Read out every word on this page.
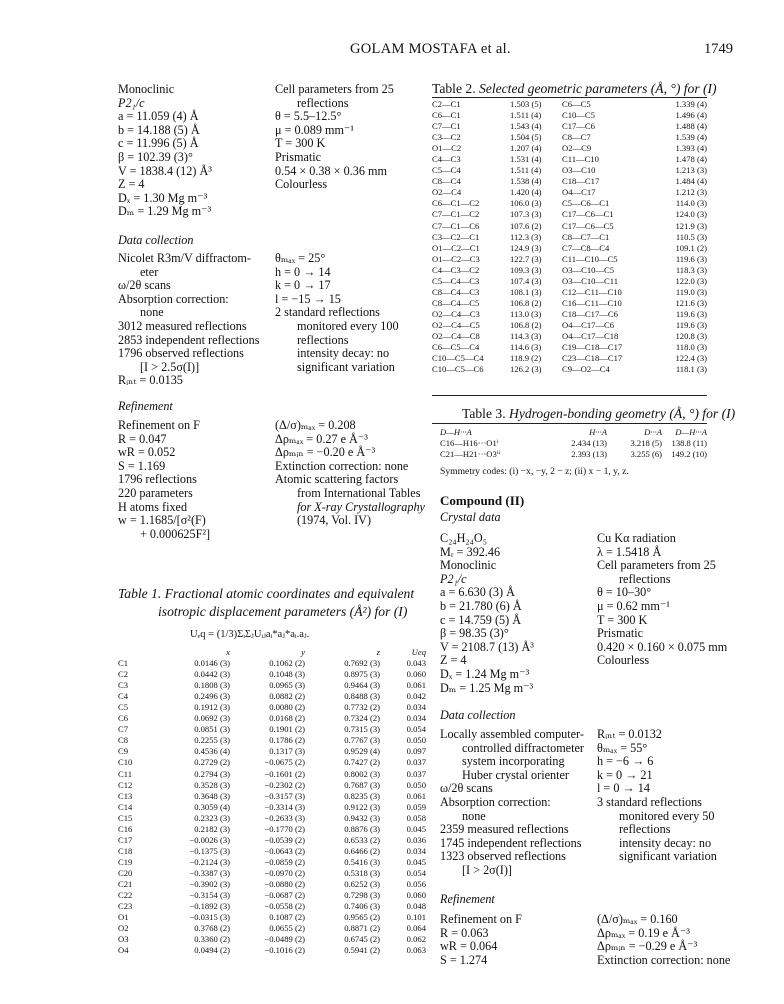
GOLAM MOSTAFA et al.	1749
Monoclinic
P2₁/c
a = 11.059 (4) Å
b = 14.188 (5) Å
c = 11.996 (5) Å
β = 102.39 (3)°
V = 1838.4 (12) Å³
Z = 4
Dₓ = 1.30 Mg m⁻³
Dₘ = 1.29 Mg m⁻³
Cell parameters from 25
reflections
θ = 5.5–12.5°
μ = 0.089 mm⁻¹
T = 300 K
Prismatic
0.54 × 0.38 × 0.36 mm
Colourless
Data collection
Nicolet R3m/V diffractom-
eter
ω/2θ scans
Absorption correction:
none
3012 measured reflections
2853 independent reflections
1796 observed reflections
[I > 2.5σ(I)]
Rᵢₙₜ = 0.0135
θₘₐₓ = 25°
h = 0 → 14
k = 0 → 17
l = −15 → 15
2 standard reflections
monitored every 100
reflections
intensity decay: no
significant variation
Refinement
Refinement on F
R = 0.047
wR = 0.052
S = 1.169
1796 reflections
220 parameters
H atoms fixed
w = 1.1685/[σ²(F)
+ 0.000625F²]
(Δ/σ)ₘₐₓ = 0.208
Δρₘₐₓ = 0.27 e Å⁻³
Δρₘᵢₙ = −0.20 e Å⁻³
Extinction correction: none
Atomic scattering factors
from International Tables
for X-ray Crystallography
(1974, Vol. IV)
Table 1. Fractional atomic coordinates and equivalent
isotropic displacement parameters (Å²) for (I)
Uₑq = (1/3)ΣᵢΣⱼUᵢⱼaᵢ*aⱼ*aᵢ.aⱼ.
x	y	z	Ueq
C1	0.0146 (3)	0.1062 (2)	0.7692 (3)	0.043
C2	0.0442 (3)	0.1048 (3)	0.8975 (3)	0.060
C3	0.1808 (3)	0.0965 (3)	0.9464 (3)	0.061
C4	0.2496 (3)	0.0882 (2)	0.8488 (3)	0.042
C5	0.1912 (3)	0.0080 (2)	0.7732 (2)	0.034
C6	0.0692 (3)	0.0168 (2)	0.7324 (2)	0.034
C7	0.0851 (3)	0.1901 (2)	0.7315 (3)	0.054
C8	0.2255 (3)	0.1786 (2)	0.7767 (3)	0.050
C9	0.4536 (4)	0.1317 (3)	0.9529 (4)	0.097
C10	0.2729 (2)	−0.0675 (2)	0.7427 (2)	0.037
C11	0.2794 (3)	−0.1601 (2)	0.8002 (3)	0.037
C12	0.3528 (3)	−0.2302 (2)	0.7687 (3)	0.050
C13	0.3648 (3)	−0.3157 (3)	0.8235 (3)	0.061
C14	0.3059 (4)	−0.3314 (3)	0.9122 (3)	0.059
C15	0.2323 (3)	−0.2633 (3)	0.9432 (3)	0.058
C16	0.2182 (3)	−0.1770 (2)	0.8876 (3)	0.045
C17	−0.0026 (3)	−0.0539 (2)	0.6533 (2)	0.036
C18	−0.1375 (3)	−0.0643 (2)	0.6466 (2)	0.034
C19	−0.2124 (3)	−0.0859 (2)	0.5416 (3)	0.045
C20	−0.3387 (3)	−0.0970 (2)	0.5318 (3)	0.054
C21	−0.3902 (3)	−0.0880 (2)	0.6252 (3)	0.056
C22	−0.3154 (3)	−0.0687 (2)	0.7298 (3)	0.060
C23	−0.1892 (3)	−0.0558 (2)	0.7406 (3)	0.048
O1	−0.0315 (3)	0.1087 (2)	0.9565 (2)	0.101
O2	0.3768 (2)	0.0655 (2)	0.8871 (2)	0.064
O3	0.3360 (2)	−0.0489 (2)	0.6745 (2)	0.062
O4	0.0494 (2)	−0.1016 (2)	0.5941 (2)	0.063
Table 2. Selected geometric parameters (Å, °) for (I)
C2—C1	1.503 (5)	C6—C5	1.339 (4)
C6—C1	1.511 (4)	C10—C5	1.496 (4)
C7—C1	1.543 (4)	C17—C6	1.488 (4)
C3—C2	1.504 (5)	C8—C7	1.539 (4)
O1—C2	1.207 (4)	O2—C9	1.393 (4)
C4—C3	1.531 (4)	C11—C10	1.478 (4)
C5—C4	1.511 (4)	O3—C10	1.213 (3)
C8—C4	1.538 (4)	C18—C17	1.484 (4)
O2—C4	1.420 (4)	O4—C17	1.212 (3)
C6—C1—C2	106.0 (3)	C5—C6—C1	114.0 (3)
C7—C1—C2	107.3 (3)	C17—C6—C1	124.0 (3)
C7—C1—C6	107.6 (2)	C17—C6—C5	121.9 (3)
C3—C2—C1	112.3 (3)	C8—C7—C1	110.5 (3)
O1—C2—C1	124.9 (3)	C7—C8—C4	109.1 (2)
O1—C2—C3	122.7 (3)	C11—C10—C5	119.6 (3)
C4—C3—C2	109.3 (3)	O3—C10—C5	118.3 (3)
C5—C4—C3	107.4 (3)	O3—C10—C11	122.0 (3)
C8—C4—C3	108.1 (3)	C12—C11—C10	119.0 (3)
C8—C4—C5	106.8 (2)	C16—C11—C10	121.6 (3)
O2—C4—C3	113.0 (3)	C18—C17—C6	119.6 (3)
O2—C4—C5	106.8 (2)	O4—C17—C6	119.6 (3)
O2—C4—C8	114.3 (3)	O4—C17—C18	120.8 (3)
C6—C5—C4	114.6 (3)	C19—C18—C17	118.0 (3)
C10—C5—C4	118.9 (2)	C23—C18—C17	122.4 (3)
C10—C5—C6	126.2 (3)	C9—O2—C4	118.1 (3)
Table 3. Hydrogen-bonding geometry (Å, °) for (I)
D—H···A	H···A	D···A	D—H···A
C16—H16···O1ⁱ	2.434 (13)	3.218 (5)	138.8 (11)
C21—H21···O3ⁱⁱ	2.393 (13)	3.255 (6)	149.2 (10)
Symmetry codes: (i) −x, −y, 2 − z; (ii) x − 1, y, z.
Compound (II)
Crystal data
C₂₄H₂₄O₅
Mᵣ = 392.46
Monoclinic
P2₁/c
a = 6.630 (3) Å
b = 21.780 (6) Å
c = 14.759 (5) Å
β = 98.35 (3)°
V = 2108.7 (13) Å³
Z = 4
Dₓ = 1.24 Mg m⁻³
Dₘ = 1.25 Mg m⁻³
Cu Kα radiation
λ = 1.5418 Å
Cell parameters from 25
reflections
θ = 10–30°
μ = 0.62 mm⁻¹
T = 300 K
Prismatic
0.420 × 0.160 × 0.075 mm
Colourless
Data collection
Locally assembled computer-
controlled diffractometer
system incorporating
Huber crystal orienter
ω/2θ scans
Absorption correction:
none
2359 measured reflections
1745 independent reflections
1323 observed reflections
[I > 2σ(I)]
Rᵢₙₜ = 0.0132
θₘₐₓ = 55°
h = −6 → 6
k = 0 → 21
l = 0 → 14
3 standard reflections
monitored every 50
reflections
intensity decay: no
significant variation
Refinement
Refinement on F
R = 0.063
wR = 0.064
S = 1.274
(Δ/σ)ₘₐₓ = 0.160
Δρₘₐₓ = 0.19 e Å⁻³
Δρₘᵢₙ = −0.29 e Å⁻³
Extinction correction: none
